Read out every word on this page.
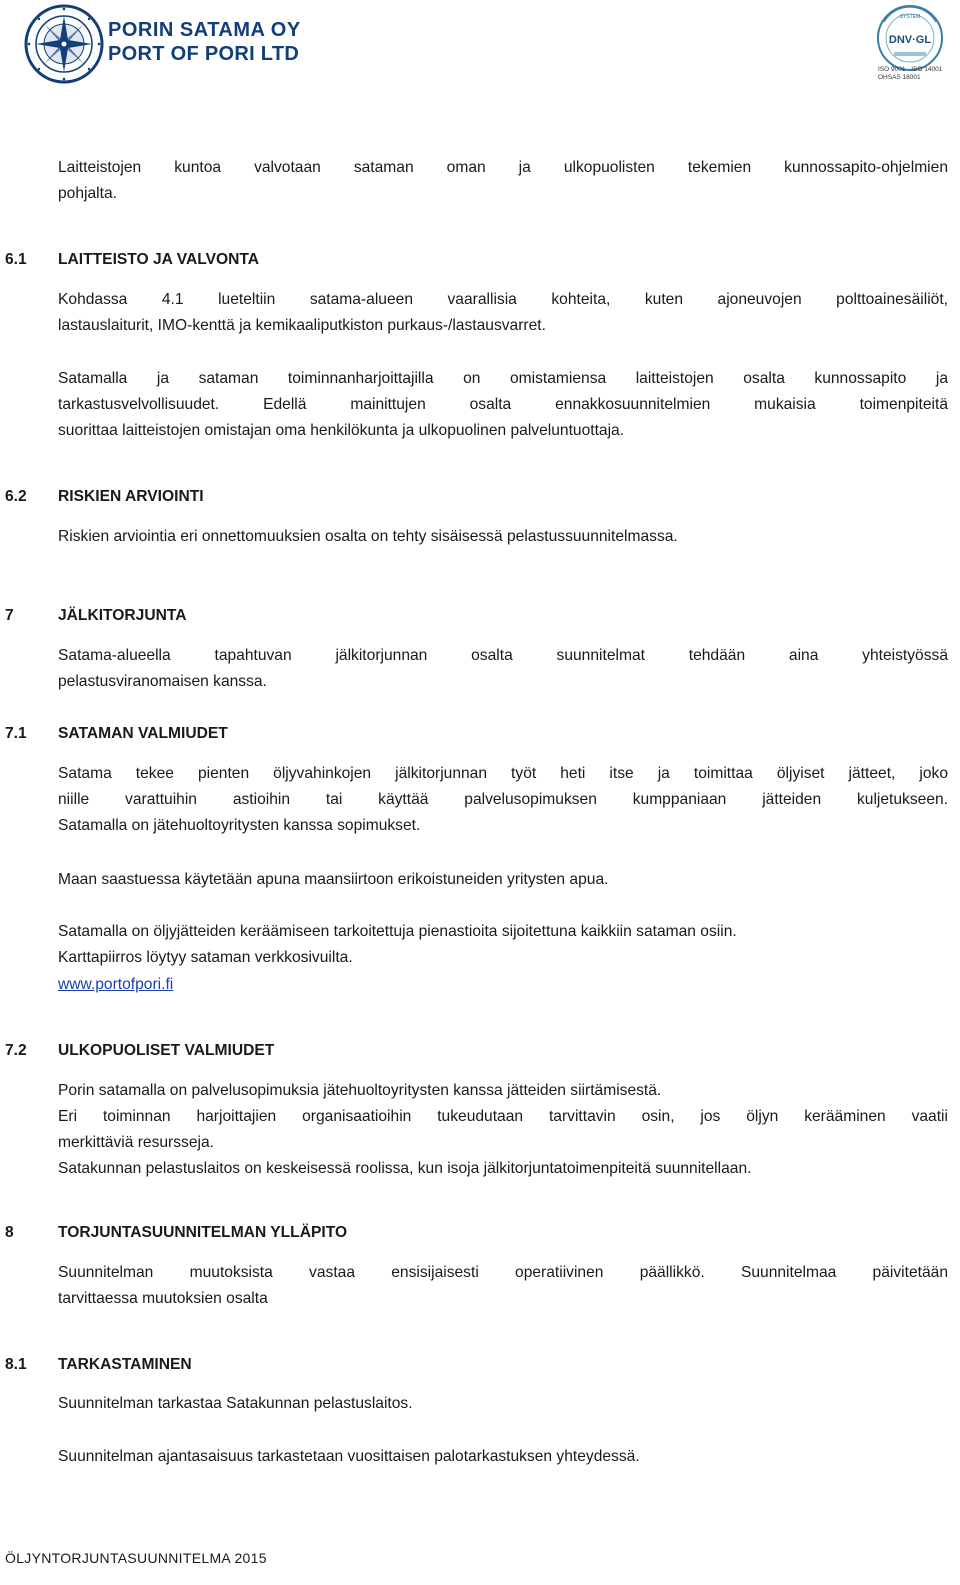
PORIN SATAMA OY
PORT OF PORI LTD
SYSTEM
DNV·GL
ISO 9001 · ISO 14001
OHSAS 18001

Laitteistojen kuntoa valvotaan sataman oman ja ulkopuolisten tekemien kunnossapito-ohjelmien

pohjalta.

6.1 LAITTEISTO JA VALVONTA

Kohdassa 4.1 lueteltiin satama-alueen vaarallisia kohteita, kuten ajoneuvojen polttoainesäiliöt,

lastauslaiturit, IMO-kenttä ja kemikaaliputkiston purkaus-/lastausvarret.

Satamalla ja sataman toiminnanharjoittajilla on omistamiensa laitteistojen osalta kunnossapito ja

tarkastusvelvollisuudet. Edellä mainittujen osalta ennakkosuunnitelmien mukaisia toimenpiteitä

suorittaa laitteistojen omistajan oma henkilökunta ja ulkopuolinen palveluntuottaja.

6.2 RISKIEN ARVIOINTI

Riskien arviointia eri onnettomuuksien osalta on tehty sisäisessä pelastussuunnitelmassa.

7	JÄLKITORJUNTA

Satama-alueella tapahtuvan jälkitorjunnan osalta suunnitelmat tehdään aina yhteistyössä

pelastusviranomaisen kanssa.

7.1 SATAMAN VALMIUDET

Satama tekee pienten öljyvahinkojen jälkitorjunnan työt heti itse ja toimittaa öljyiset jätteet, joko

niille varattuihin astioihin tai käyttää palvelusopimuksen kumppaniaan jätteiden kuljetukseen.

Satamalla on jätehuoltoyritysten kanssa sopimukset.

Maan saastuessa käytetään apuna maansiirtoon erikoistuneiden yritysten apua.

Satamalla on öljyjätteiden keräämiseen tarkoitettuja pienastioita sijoitettuna kaikkiin sataman osiin.

Karttapiirros löytyy sataman verkkosivuilta.

www.portofpori.fi

7.2 ULKOPUOLISET VALMIUDET

Porin satamalla on palvelusopimuksia jätehuoltoyritysten kanssa jätteiden siirtämisestä.

Eri toiminnan harjoittajien organisaatioihin tukeudutaan tarvittavin osin, jos öljyn kerääminen vaatii

merkittäviä resursseja.

Satakunnan pelastuslaitos on keskeisessä roolissa, kun isoja jälkitorjuntatoimenpiteitä suunnitellaan.

8	TORJUNTASUUNNITELMAN YLLÄPITO

Suunnitelman muutoksista vastaa ensisijaisesti operatiivinen päällikkö. Suunnitelmaa päivitetään

tarvittaessa muutoksien osalta

8.1 TARKASTAMINEN

Suunnitelman tarkastaa Satakunnan pelastuslaitos.

Suunnitelman ajantasaisuus tarkastetaan vuosittaisen palotarkastuksen yhteydessä.

ÖLJYNTORJUNTASUUNNITELMA 2015
